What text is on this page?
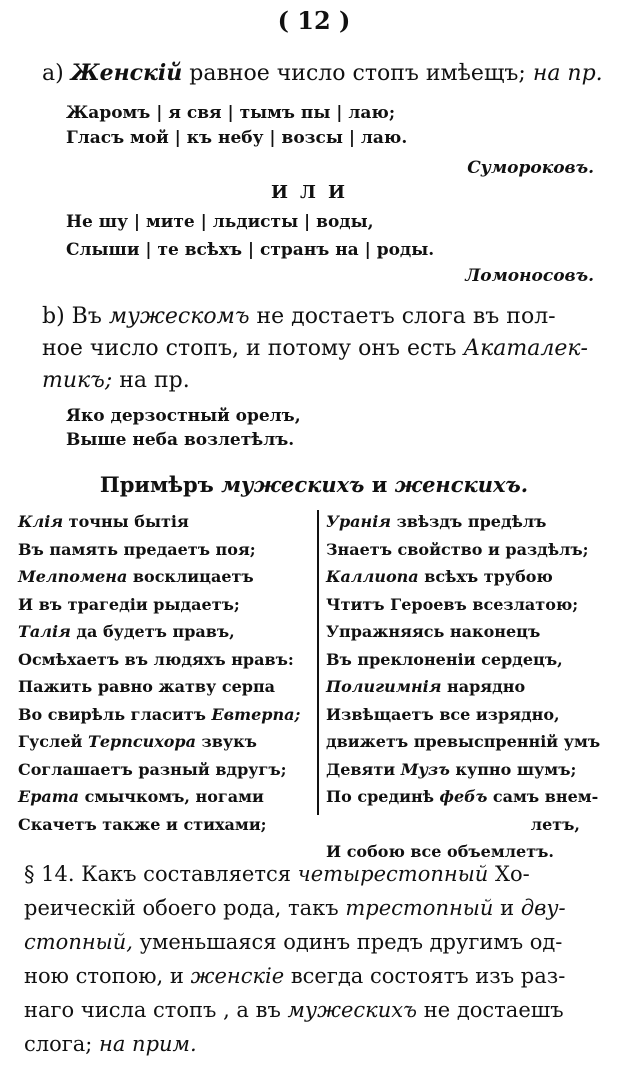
( 12 )
a) Женскій равное число стопъ имѣещъ; на пр.
Жаромъ | я свя | тымъ пы | лаю;
Гласъ мой | къ небу | возсы | лаю.
Сумороковъ.
ИЛИ
Не шу | мите | льдисты | воды,
Слыши | те всѣхъ | странъ на | роды.
Ломоносовъ.
b) Въ мужескомъ не достаетъ слога въ пол-
ное число стопъ, и потому онъ есть Акаталек-
тикъ; на пр.
Яко дерзостный орелъ,
Выше неба возлетѣлъ.
Примѣръ мужескихъ и женскихъ.
Клія точны бытія
Въ память предаетъ поя;
Мелпомена восклицаетъ
И въ трагедіи рыдаетъ;
Талія да будетъ правъ,
Осмѣхаетъ въ людяхъ нравъ:
Пажить равно жатву серпа
Во свирѣль гласитъ Евтерпа;
Гуслей Терпсихора звукъ
Соглашаетъ разный вдругъ;
Ерата смычкомъ, ногами
Скачетъ также и стихами;
Уранія звѣздъ предѣлъ
Знаетъ свойство и раздѣлъ;
Каллиопа всѣхъ трубою
Чтитъ Героевъ всезлатою;
Упражняясь наконецъ
Въ преклоненіи сердецъ,
Полигимнія нарядно
Извѣщаетъ все изрядно,
движетъ превыспренній умъ
Девяти Музъ купно шумъ;
По срединѣ фебъ самъ внем-
летъ,
И собою все объемлетъ.
§ 14. Какъ составляется четырестопный Хо-
реическій обоего рода, такъ трестопный и дву-
стопный, уменьшаяся одинъ предъ другимъ од-
ною стопою, и женскіе всегда состоятъ изъ раз-
наго числа стопъ , а въ мужескихъ не достаешъ
слога; на прим.
